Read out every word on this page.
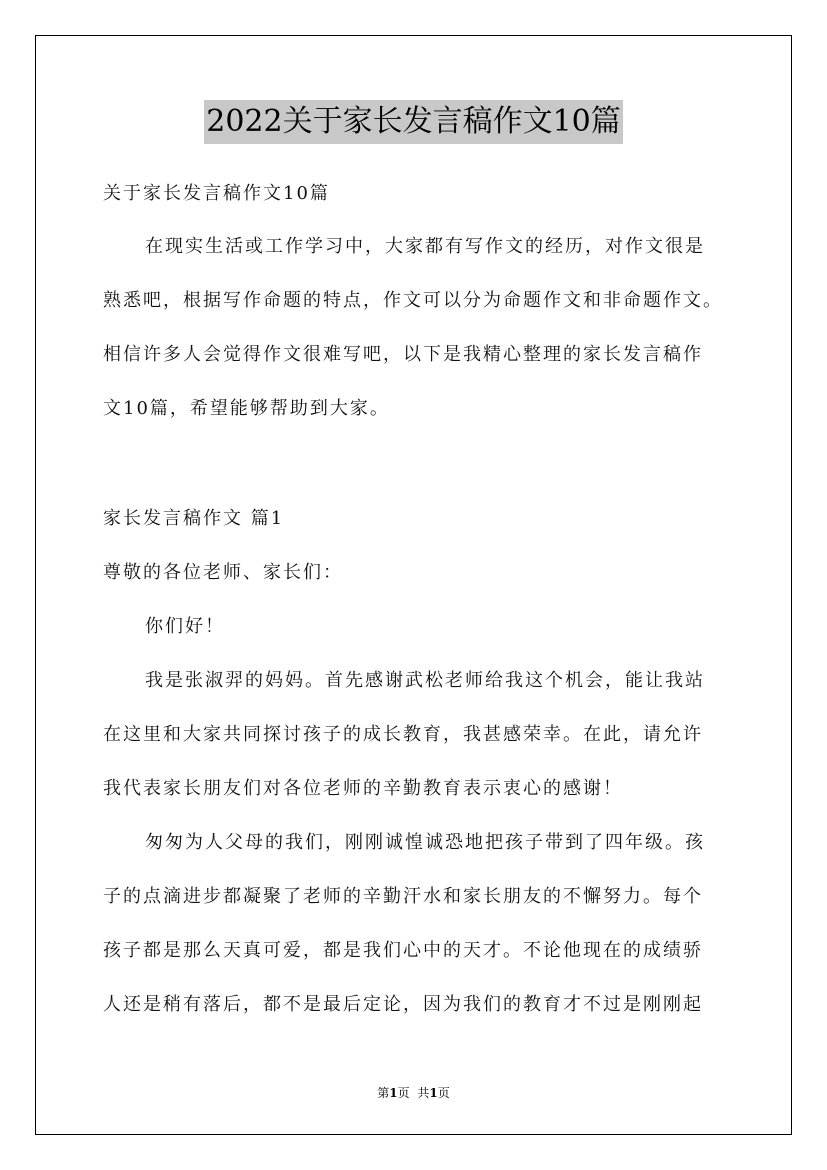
2022关于家长发言稿作文10篇
关于家长发言稿作文10篇
在现实生活或工作学习中，大家都有写作文的经历，对作文很是
熟悉吧，根据写作命题的特点，作文可以分为命题作文和非命题作文。
相信许多人会觉得作文很难写吧，以下是我精心整理的家长发言稿作
文10篇，希望能够帮助到大家。
家长发言稿作文 篇1
尊敬的各位老师、家长们：
你们好！
我是张淑羿的妈妈。首先感谢武松老师给我这个机会，能让我站
在这里和大家共同探讨孩子的成长教育，我甚感荣幸。在此，请允许
我代表家长朋友们对各位老师的辛勤教育表示衷心的感谢！
匆匆为人父母的我们，刚刚诚惶诚恐地把孩子带到了四年级。孩
子的点滴进步都凝聚了老师的辛勤汗水和家长朋友的不懈努力。每个
孩子都是那么天真可爱，都是我们心中的天才。不论他现在的成绩骄
人还是稍有落后，都不是最后定论，因为我们的教育才不过是刚刚起
第1页 共1页
